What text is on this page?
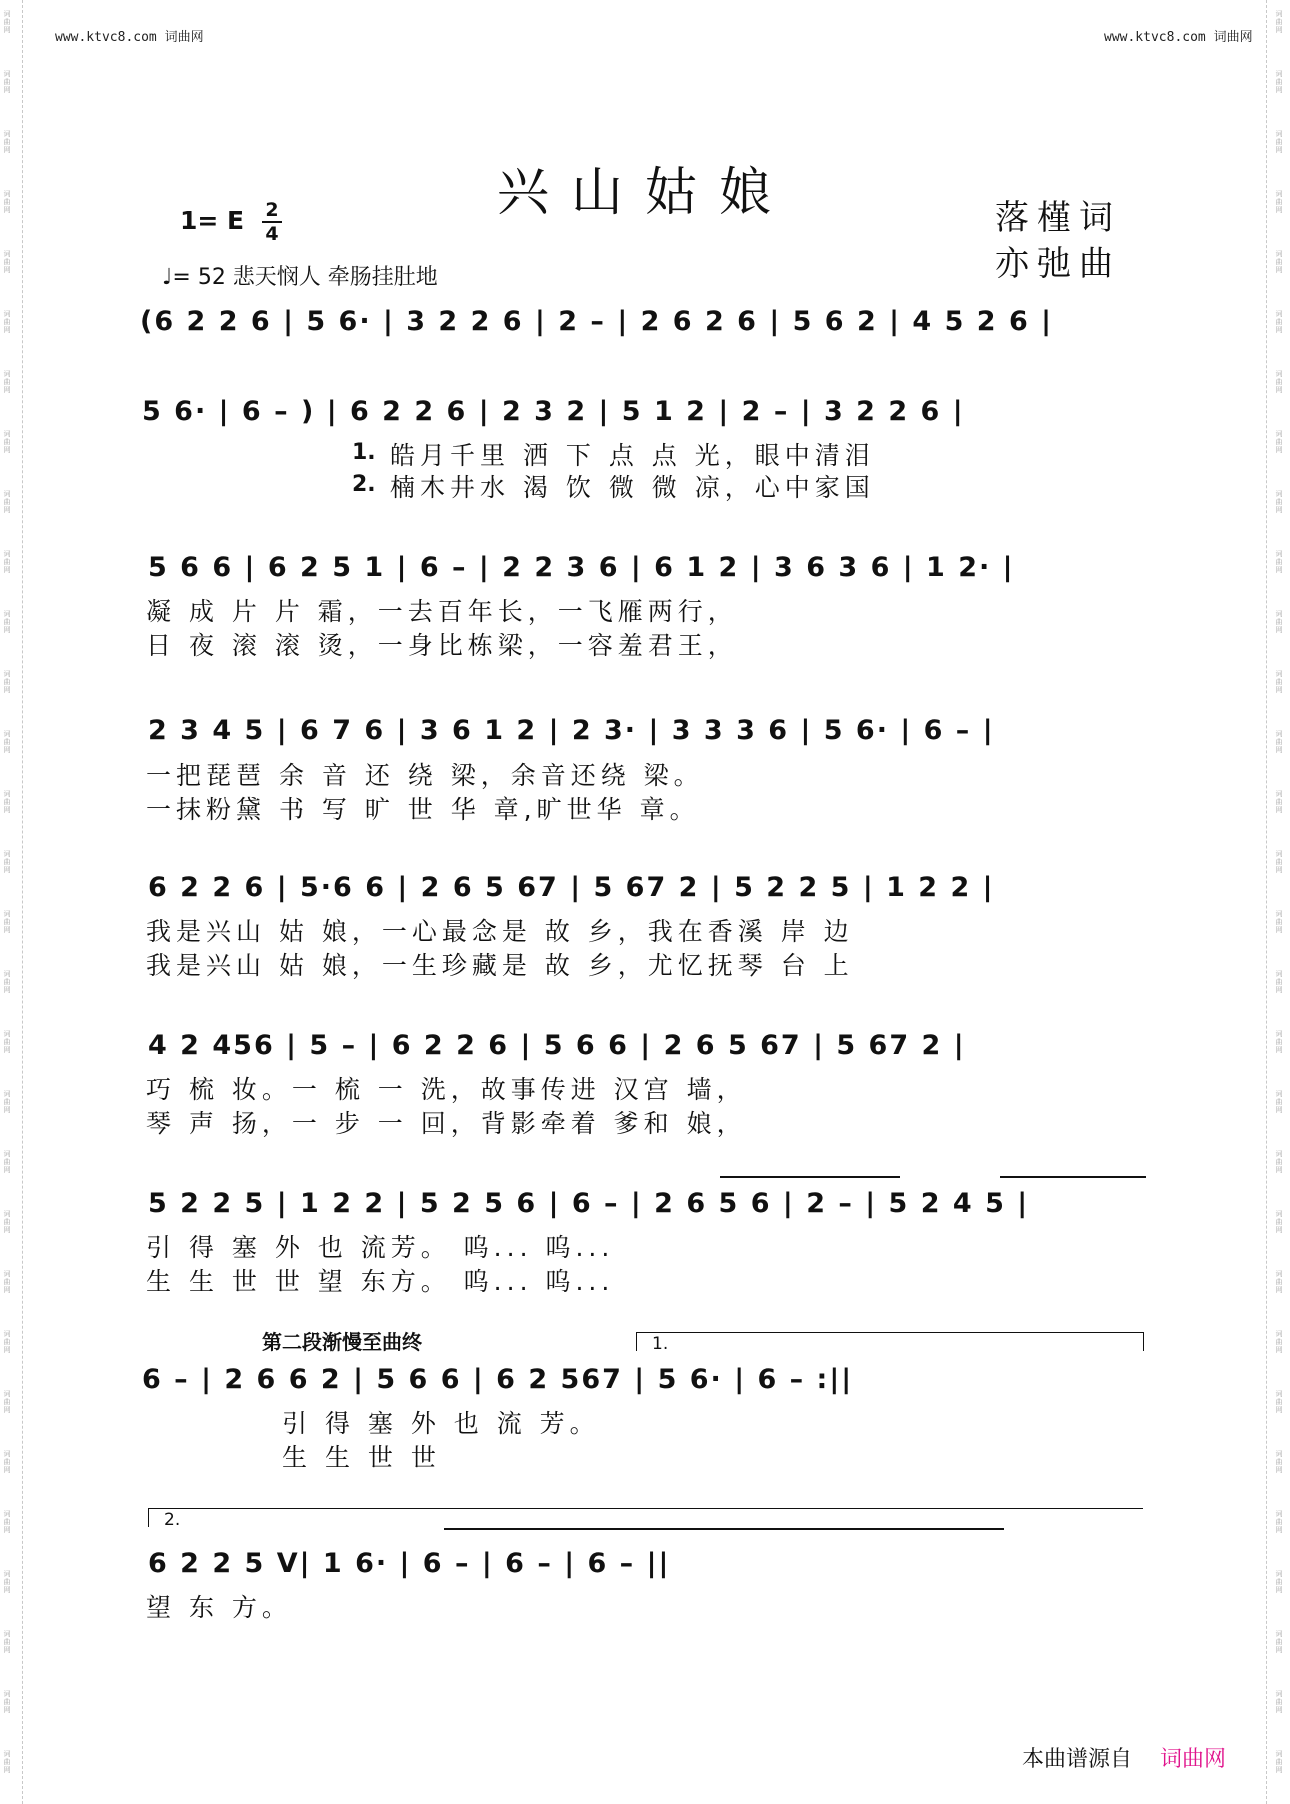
词
曲
网
词
曲
网
词
曲
网
词
曲
网
词
曲
网
词
曲
网
词
曲
网
词
曲
网
词
曲
网
词
曲
网
词
曲
网
词
曲
网
词
曲
网
词
曲
网
词
曲
网
词
曲
网
词
曲
网
词
曲
网
词
曲
网
词
曲
网
词
曲
网
词
曲
网
词
曲
网
词
曲
网
词
曲
网
词
曲
网
词
曲
网
词
曲
网
词
曲
网
词
曲
网
词
曲
网
词
曲
网
词
曲
网
词
曲
网
词
曲
网
词
曲
网
词
曲
网
词
曲
网
词
曲
网
词
曲
网
词
曲
网
词
曲
网
词
曲
网
词
曲
网
词
曲
网
词
曲
网
词
曲
网
词
曲
网
词
曲
网
词
曲
网
词
曲
网
词
曲
网
词
曲
网
词
曲
网
词
曲
网
词
曲
网
词
曲
网
词
曲
网
词
曲
网
词
曲
网
www.ktvc8.com 词曲网	www.ktvc8.com 词曲网
兴山姑娘	落槿词
亦弛曲
1= E 2
4
♩= 52 悲天悯人 牵肠挂肚地
(6 2 2 6 | 5 6· | 3 2 2 6 | 2 – | 2 6 2 6 | 5 6 2 | 4 5 2 6 |
5 6· | 6 – ) | 6 2 2 6 | 2 3 2 | 5 1 2 | 2 – | 3 2 2 6 |
1.
2.
皓月千里 洒 下 点 点 光，眼中清泪
楠木井水 渴 饮 微 微 凉，心中家国
5 6 6 | 6 2 5 1 | 6 – | 2 2 3 6 | 6 1 2 | 3 6 3 6 | 1 2· |
凝 成 片 片 霜，一去百年长，一飞雁两行，
日 夜 滚 滚 烫，一身比栋梁，一容羞君王，
2 3 4 5 | 6 7 6 | 3 6 1 2 | 2 3· | 3 3 3 6 | 5 6· | 6 – |
一把琵琶 余 音 还 绕 梁，余音还绕 梁。
一抹粉黛 书 写 旷 世 华 章,旷世华 章。
6 2 2 6 | 5·6 6 | 2 6 5 67 | 5 67 2 | 5 2 2 5 | 1 2 2 |
我是兴山 姑 娘，一心最念是 故 乡，我在香溪 岸 边
我是兴山 姑 娘，一生珍藏是 故 乡，尤忆抚琴 台 上
4 2 456 | 5 – | 6 2 2 6 | 5 6 6 | 2 6 5 67 | 5 67 2 |
巧 梳 妆。一 梳 一 洗，故事传进 汉宫 墙，
琴 声 扬，一 步 一 回，背影牵着 爹和 娘，
5 2 2 5 | 1 2 2 | 5 2 5 6 | 6 – | 2 6 5 6 | 2 – | 5 2 4 5 |
引 得 塞 外 也 流芳。 呜... 呜...
生 生 世 世 望 东方。 呜... 呜...
第二段渐慢至曲终	1.
6 – | 2 6 6 2 | 5 6 6 | 6 2 567 | 5 6· | 6 – :||
引 得 塞 外 也 流 芳。
生 生 世 世
2.
6 2 2 5 V| 1 6· | 6 – | 6 – | 6 – ||
望 东 方。
本曲谱源自 词曲网
